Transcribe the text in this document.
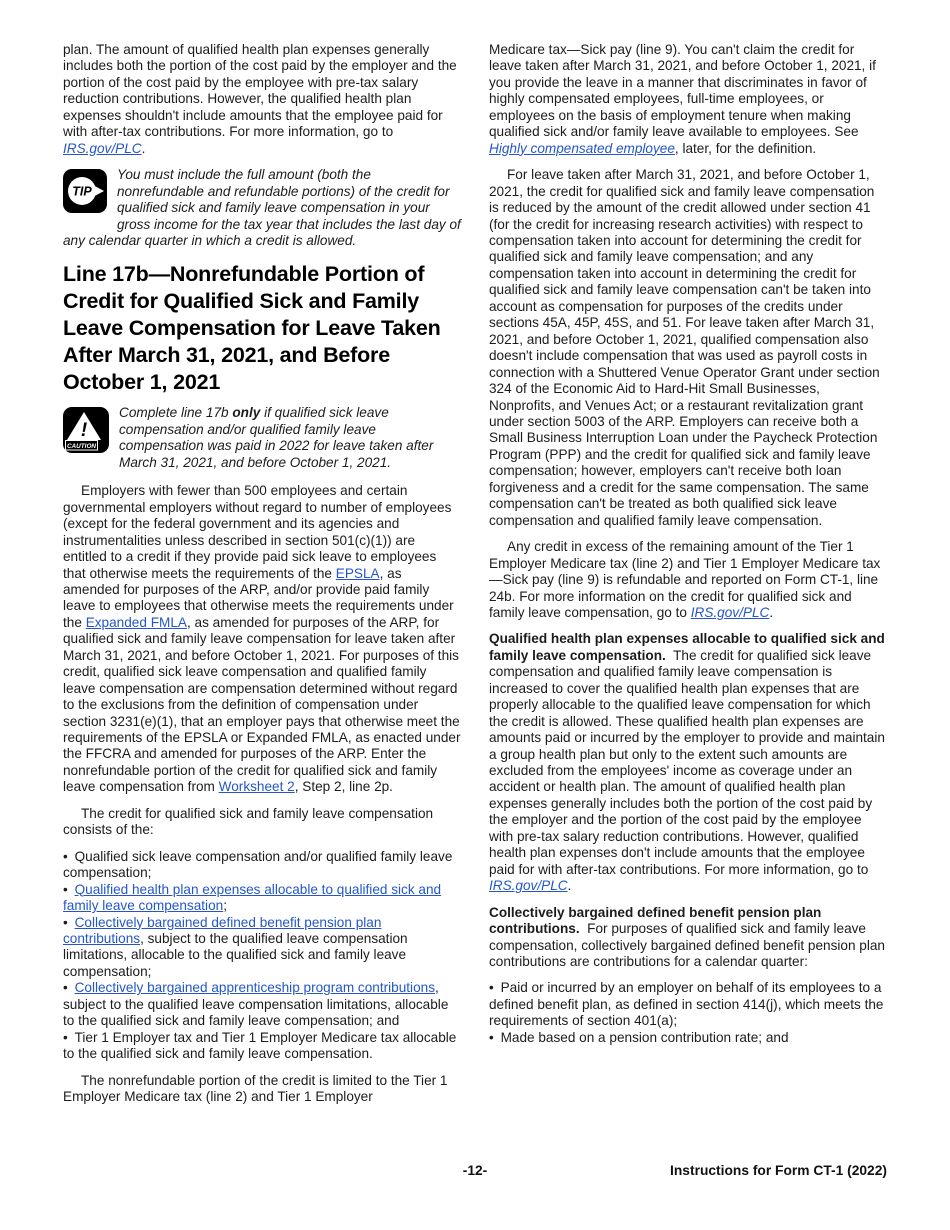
plan. The amount of qualified health plan expenses generally includes both the portion of the cost paid by the employer and the portion of the cost paid by the employee with pre-tax salary reduction contributions. However, the qualified health plan expenses shouldn't include amounts that the employee paid for with after-tax contributions. For more information, go to IRS.gov/PLC.

TIP
You must include the full amount (both the nonrefundable and refundable portions) of the credit for qualified sick and family leave compensation in your gross income for the tax year that includes the last day of any calendar quarter in which a credit is allowed.
Line 17b—Nonrefundable Portion of Credit for Qualified Sick and Family Leave Compensation for Leave Taken After March 31, 2021, and Before October 1, 2021
!
CAUTION
Complete line 17b only if qualified sick leave compensation and/or qualified family leave compensation was paid in 2022 for leave taken after March 31, 2021, and before October 1, 2021.

Employers with fewer than 500 employees and certain governmental employers without regard to number of employees (except for the federal government and its agencies and instrumentalities unless described in section 501(c)(1)) are entitled to a credit if they provide paid sick leave to employees that otherwise meets the requirements of the EPSLA, as amended for purposes of the ARP, and/or provide paid family leave to employees that otherwise meets the requirements under the Expanded FMLA, as amended for purposes of the ARP, for qualified sick and family leave compensation for leave taken after March 31, 2021, and before October 1, 2021. For purposes of this credit, qualified sick leave compensation and qualified family leave compensation are compensation determined without regard to the exclusions from the definition of compensation under section 3231(e)(1), that an employer pays that otherwise meet the requirements of the EPSLA or Expanded FMLA, as enacted under the FFCRA and amended for purposes of the ARP. Enter the nonrefundable portion of the credit for qualified sick and family leave compensation from Worksheet 2, Step 2, line 2p.

The credit for qualified sick and family leave compensation consists of the:

• Qualified sick leave compensation and/or qualified family leave compensation;
• Qualified health plan expenses allocable to qualified sick and family leave compensation;
• Collectively bargained defined benefit pension plan contributions, subject to the qualified leave compensation limitations, allocable to the qualified sick and family leave compensation;
• Collectively bargained apprenticeship program contributions, subject to the qualified leave compensation limitations, allocable to the qualified sick and family leave compensation; and
• Tier 1 Employer tax and Tier 1 Employer Medicare tax allocable to the qualified sick and family leave compensation.

The nonrefundable portion of the credit is limited to the Tier 1 Employer Medicare tax (line 2) and Tier 1 Employer

Medicare tax—Sick pay (line 9). You can't claim the credit for leave taken after March 31, 2021, and before October 1, 2021, if you provide the leave in a manner that discriminates in favor of highly compensated employees, full-time employees, or employees on the basis of employment tenure when making qualified sick and/or family leave available to employees. See Highly compensated employee, later, for the definition.

For leave taken after March 31, 2021, and before October 1, 2021, the credit for qualified sick and family leave compensation is reduced by the amount of the credit allowed under section 41 (for the credit for increasing research activities) with respect to compensation taken into account for determining the credit for qualified sick and family leave compensation; and any compensation taken into account in determining the credit for qualified sick and family leave compensation can't be taken into account as compensation for purposes of the credits under sections 45A, 45P, 45S, and 51. For leave taken after March 31, 2021, and before October 1, 2021, qualified compensation also doesn't include compensation that was used as payroll costs in connection with a Shuttered Venue Operator Grant under section 324 of the Economic Aid to Hard-Hit Small Businesses, Nonprofits, and Venues Act; or a restaurant revitalization grant under section 5003 of the ARP. Employers can receive both a Small Business Interruption Loan under the Paycheck Protection Program (PPP) and the credit for qualified sick and family leave compensation; however, employers can't receive both loan forgiveness and a credit for the same compensation. The same compensation can't be treated as both qualified sick leave compensation and qualified family leave compensation.

Any credit in excess of the remaining amount of the Tier 1 Employer Medicare tax (line 2) and Tier 1 Employer Medicare tax—Sick pay (line 9) is refundable and reported on Form CT-1, line 24b. For more information on the credit for qualified sick and family leave compensation, go to IRS.gov/PLC.

Qualified health plan expenses allocable to qualified sick and family leave compensation.  The credit for qualified sick leave compensation and qualified family leave compensation is increased to cover the qualified health plan expenses that are properly allocable to the qualified leave compensation for which the credit is allowed. These qualified health plan expenses are amounts paid or incurred by the employer to provide and maintain a group health plan but only to the extent such amounts are excluded from the employees' income as coverage under an accident or health plan. The amount of qualified health plan expenses generally includes both the portion of the cost paid by the employer and the portion of the cost paid by the employee with pre-tax salary reduction contributions. However, qualified health plan expenses don't include amounts that the employee paid for with after-tax contributions. For more information, go to IRS.gov/PLC.

Collectively bargained defined benefit pension plan contributions.  For purposes of qualified sick and family leave compensation, collectively bargained defined benefit pension plan contributions are contributions for a calendar quarter:

• Paid or incurred by an employer on behalf of its employees to a defined benefit plan, as defined in section 414(j), which meets the requirements of section 401(a);
• Made based on a pension contribution rate; and
-12-	Instructions for Form CT-1 (2022)
